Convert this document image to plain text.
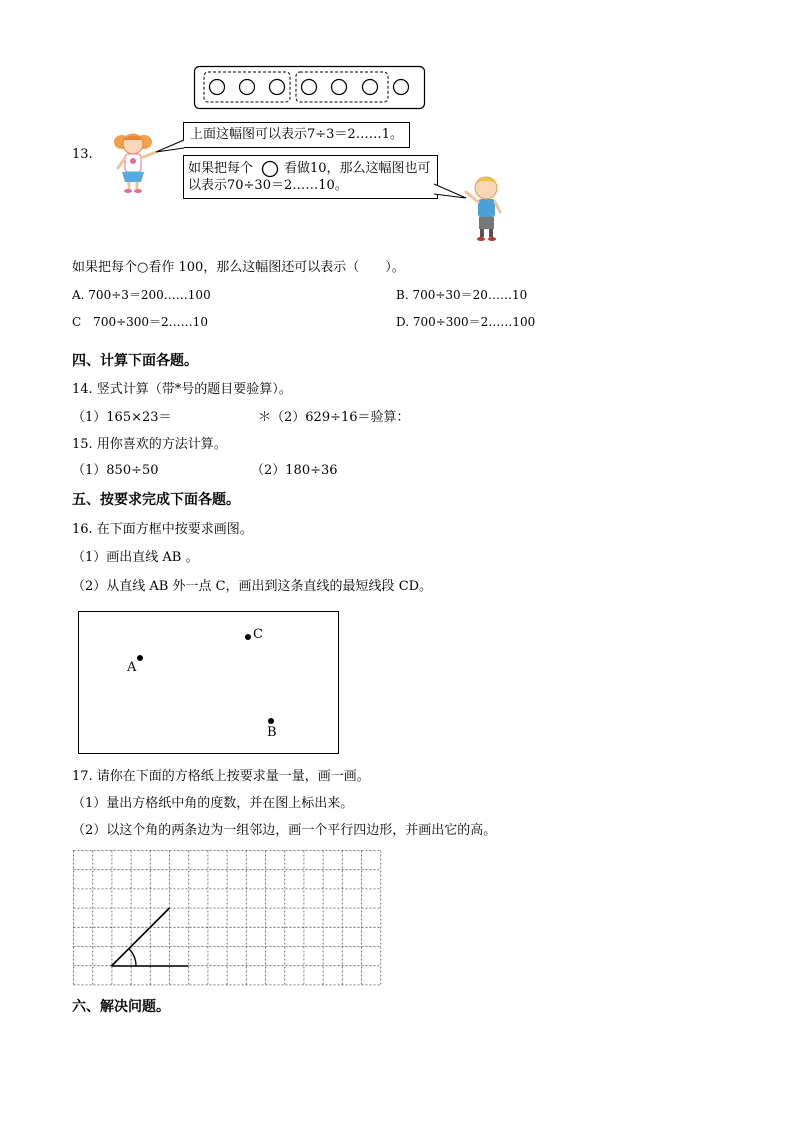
13.
上面这幅图可以表示7÷3＝2……1。
如果把每个 看做10，那么这幅图也可
以表示70÷30＝2……10。
如果把每个○看作 100，那么这幅图还可以表示（　　）。
A. 700÷3＝200……100	B. 700÷30＝20……10
C　700÷300＝2……10	D. 700÷300＝2……100
四、计算下面各题。
14. 竖式计算（带*号的题目要验算）。
（1）165×23＝	＊（2）629÷16＝验算：
15. 用你喜欢的方法计算。
（1）850÷50	（2）180÷36
五、按要求完成下面各题。
16. 在下面方框中按要求画图。
（1）画出直线 AB 。
（2）从直线 AB 外一点 C，画出到这条直线的最短线段 CD。
A
C
B
17. 请你在下面的方格纸上按要求量一量，画一画。
（1）量出方格纸中角的度数，并在图上标出来。
（2）以这个角的两条边为一组邻边，画一个平行四边形，并画出它的高。
六、解决问题。
